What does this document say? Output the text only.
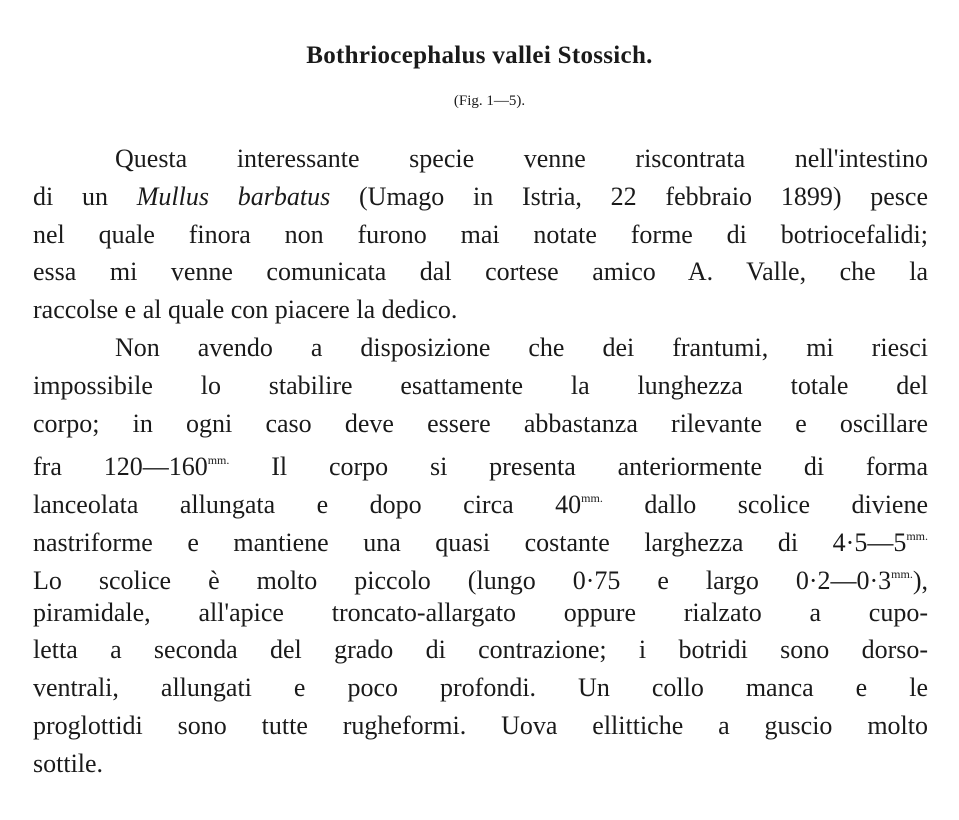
Bothriocephalus vallei Stossich.
(Fig. 1—5).
Questa interessante specie venne riscontrata nell'intestino
di un Mullus barbatus (Umago in Istria, 22 febbraio 1899) pesce
nel quale finora non furono mai notate forme di botriocefalidi;
essa mi venne comunicata dal cortese amico A. Valle, che la
raccolse e al quale con piacere la dedico.
Non avendo a disposizione che dei frantumi, mi riesci
impossibile lo stabilire esattamente la lunghezza totale del
corpo; in ogni caso deve essere abbastanza rilevante e oscillare
fra $120—160^{mm.}$ Il corpo si presenta anteriormente di forma
lanceolata allungata e dopo circa $40^{mm.}$ dallo scolice diviene
nastriforme e mantiene una quasi costante larghezza di $4\cdot 5—5^{mm.}$
Lo scolice è molto piccolo (lungo 0·75 e largo $0\cdot 2—0\cdot 3^{mm.}$),
piramidale, all'apice troncato-allargato oppure rialzato a cupo-
letta a seconda del grado di contrazione; i botridi sono dorso-
ventrali, allungati e poco profondi. Un collo manca e le
proglottidi sono tutte rugheformi. Uova ellittiche a guscio molto
sottile.
